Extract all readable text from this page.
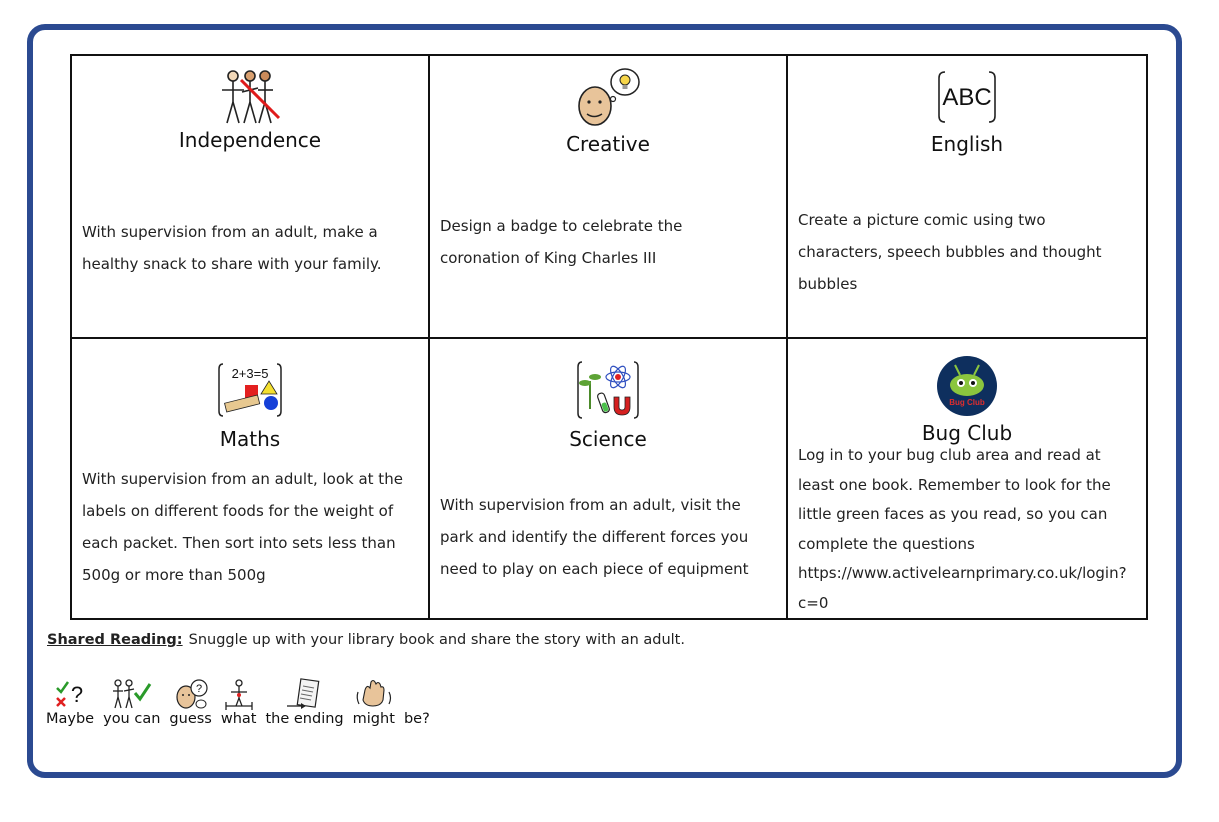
Independence
With supervision from an adult, make a
healthy snack to share with your family.
Creative
Design a badge to celebrate the
coronation of King Charles III
ABC
English
Create a picture comic using two
characters, speech bubbles and thought
bubbles
2+3=5
Maths
With supervision from an adult, look at the
labels on different foods for the weight of
each packet. Then sort into sets less than
500g or more than 500g
Science
With supervision from an adult, visit the
park and identify the different forces you
need to play on each piece of equipment
Bug Club
Bug Club
Log in to your bug club area and read at
least one book. Remember to look for the
little green faces as you read, so you can
complete the questions
https://www.activelearnprimary.co.uk/login?c=0
Shared Reading: Snuggle up with your library book and share the story with an adult.
?
Maybe you can
?
guess what the ending might be?
